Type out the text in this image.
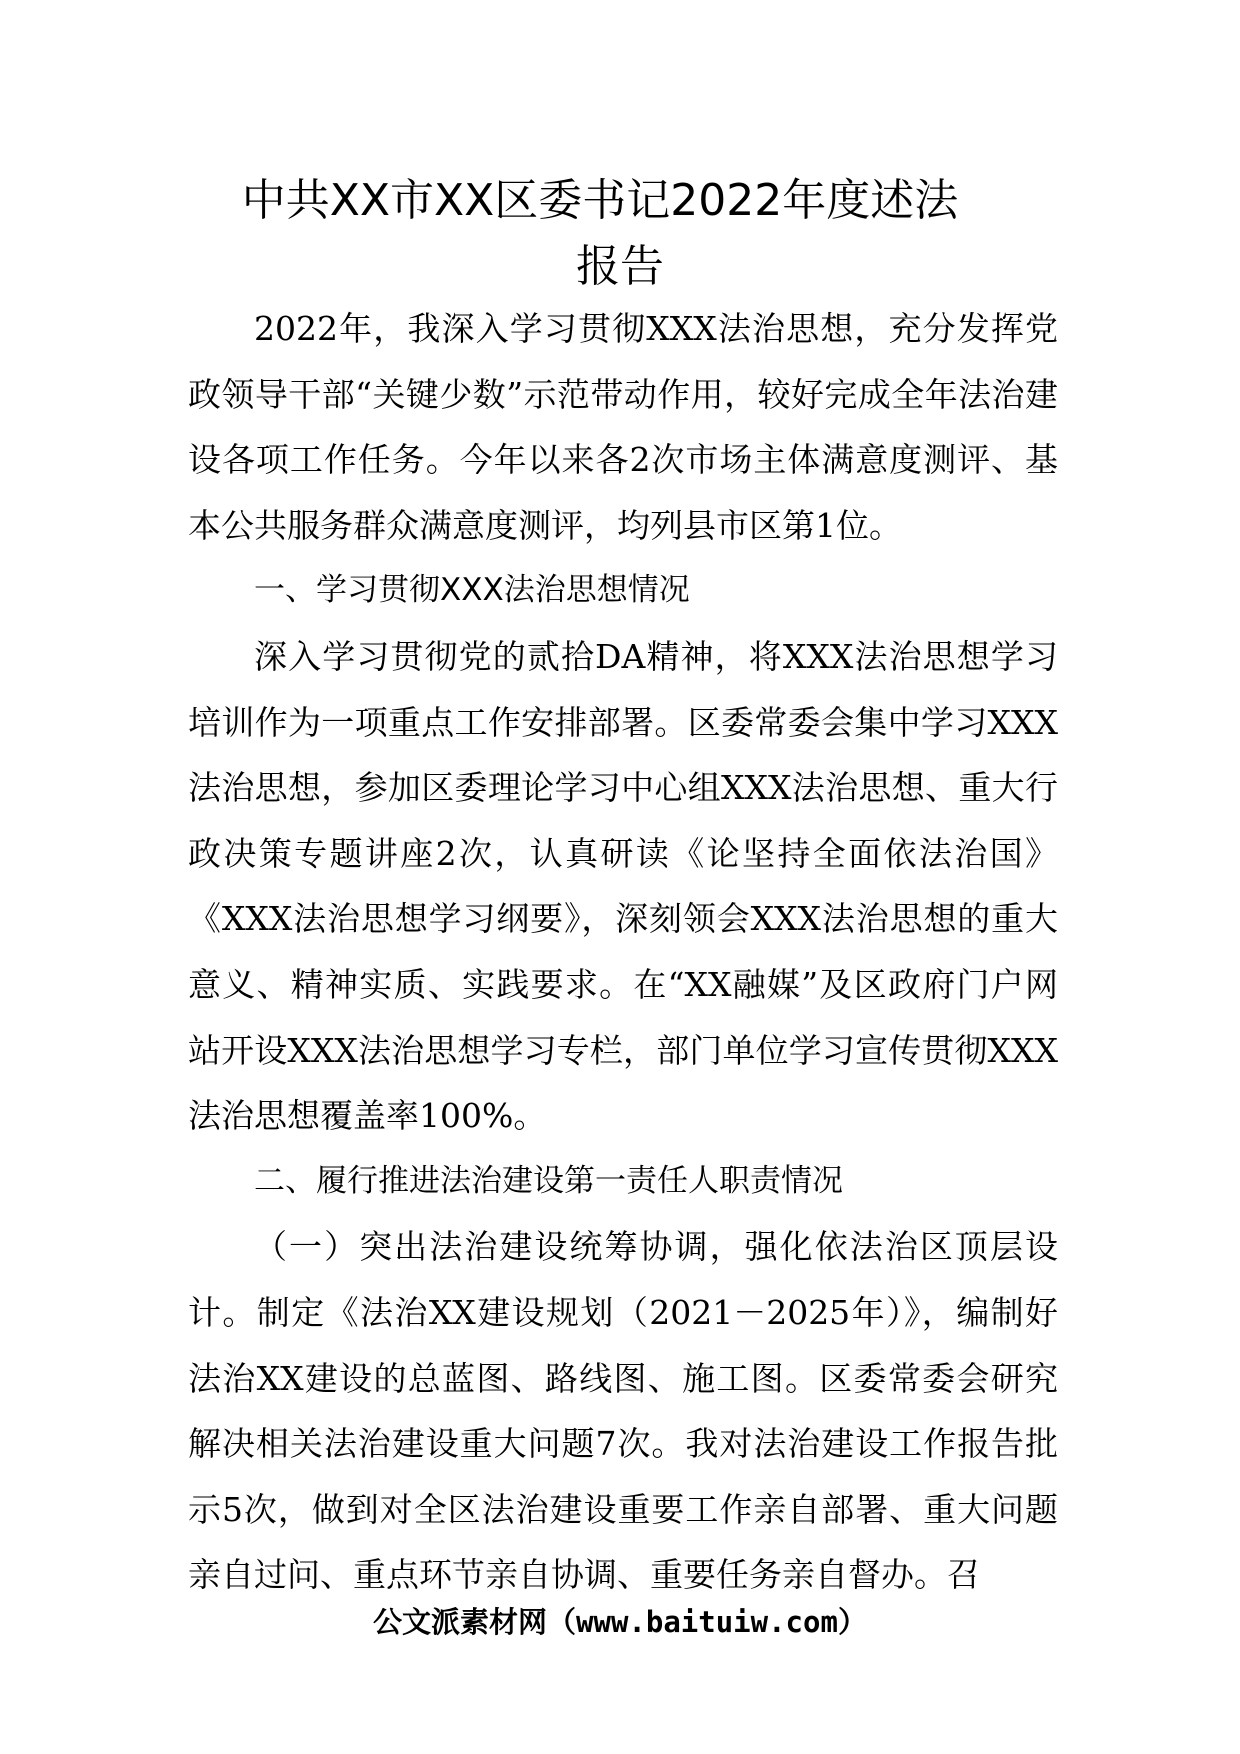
中共XX市XX区委书记2022年度述法
报告

2022年，我深入学习贯彻XXX法治思想，充分发挥党政领导干部“关键少数”示范带动作用，较好完成全年法治建设各项工作任务。今年以来各2次市场主体满意度测评、基本公共服务群众满意度测评，均列县市区第1位。

一、学习贯彻XXX法治思想情况

深入学习贯彻党的贰拾DA精神，将XXX法治思想学习培训作为一项重点工作安排部署。区委常委会集中学习XXX法治思想，参加区委理论学习中心组XXX法治思想、重大行政决策专题讲座2次，认真研读《论坚持全面依法治国》《XXX法治思想学习纲要》，深刻领会XXX法治思想的重大意义、精神实质、实践要求。在“XX融媒”及区政府门户网站开设XXX法治思想学习专栏，部门单位学习宣传贯彻XXX法治思想覆盖率100%。

二、履行推进法治建设第一责任人职责情况

（一）突出法治建设统筹协调，强化依法治区顶层设计。制定《法治XX建设规划（2021－2025年）》，编制好法治XX建设的总蓝图、路线图、施工图。区委常委会研究解决相关法治建设重大问题7次。我对法治建设工作报告批示5次，做到对全区法治建设重要工作亲自部署、重大问题亲自过问、重点环节亲自协调、重要任务亲自督办。召

公文派素材网（www.baituiw.com）
